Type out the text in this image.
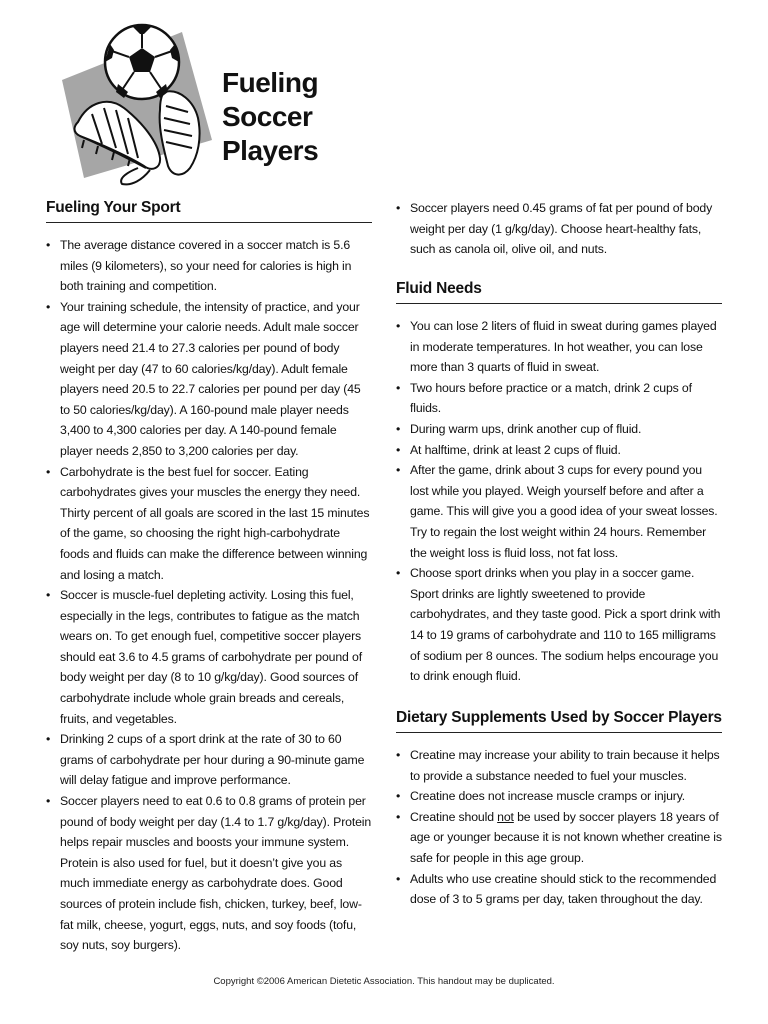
Fueling
Soccer
Players
Fueling Your Sport
• The average distance covered in a soccer match is 5.6 miles (9 kilometers), so your need for calories is high in both training and competition.
• Your training schedule, the intensity of practice, and your age will determine your calorie needs. Adult male soccer players need 21.4 to 27.3 calories per pound of body weight per day (47 to 60 calories/kg/day). Adult female players need 20.5 to 22.7 calories per pound per day (45 to 50 calories/kg/day). A 160-pound male player needs 3,400 to 4,300 calories per day. A 140-pound female player needs 2,850 to 3,200 calories per day.
• Carbohydrate is the best fuel for soccer. Eating carbohydrates gives your muscles the energy they need. Thirty percent of all goals are scored in the last 15 minutes of the game, so choosing the right high-carbohydrate foods and fluids can make the difference between winning and losing a match.
• Soccer is muscle-fuel depleting activity. Losing this fuel, especially in the legs, contributes to fatigue as the match wears on. To get enough fuel, competitive soccer players should eat 3.6 to 4.5 grams of carbohydrate per pound of body weight per day (8 to 10 g/kg/day). Good sources of carbohydrate include whole grain breads and cereals, fruits, and vegetables.
• Drinking 2 cups of a sport drink at the rate of 30 to 60 grams of carbohydrate per hour during a 90-minute game will delay fatigue and improve performance.
• Soccer players need to eat 0.6 to 0.8 grams of protein per pound of body weight per day (1.4 to 1.7 g/kg/day). Protein helps repair muscles and boosts your immune system. Protein is also used for fuel, but it doesn’t give you as much immediate energy as carbohydrate does. Good sources of protein include fish, chicken, turkey, beef, low-fat milk, cheese, yogurt, eggs, nuts, and soy foods (tofu, soy nuts, soy burgers).
• Soccer players need 0.45 grams of fat per pound of body weight per day (1 g/kg/day). Choose heart-healthy fats, such as canola oil, olive oil, and nuts.
Fluid Needs
• You can lose 2 liters of fluid in sweat during games played in moderate temperatures. In hot weather, you can lose more than 3 quarts of fluid in sweat.
• Two hours before practice or a match, drink 2 cups of fluids.
• During warm ups, drink another cup of fluid.
• At halftime, drink at least 2 cups of fluid.
• After the game, drink about 3 cups for every pound you lost while you played. Weigh yourself before and after a game. This will give you a good idea of your sweat losses. Try to regain the lost weight within 24 hours. Remember the weight loss is fluid loss, not fat loss.
• Choose sport drinks when you play in a soccer game. Sport drinks are lightly sweetened to provide carbohydrates, and they taste good. Pick a sport drink with 14 to 19 grams of carbohydrate and 110 to 165 milligrams of sodium per 8 ounces. The sodium helps encourage you to drink enough fluid.
Dietary Supplements Used by Soccer Players
• Creatine may increase your ability to train because it helps to provide a substance needed to fuel your muscles.
• Creatine does not increase muscle cramps or injury.
• Creatine should not be used by soccer players 18 years of age or younger because it is not known whether creatine is safe for people in this age group.
• Adults who use creatine should stick to the recommended dose of 3 to 5 grams per day, taken throughout the day.
Copyright ©2006 American Dietetic Association. This handout may be duplicated.
